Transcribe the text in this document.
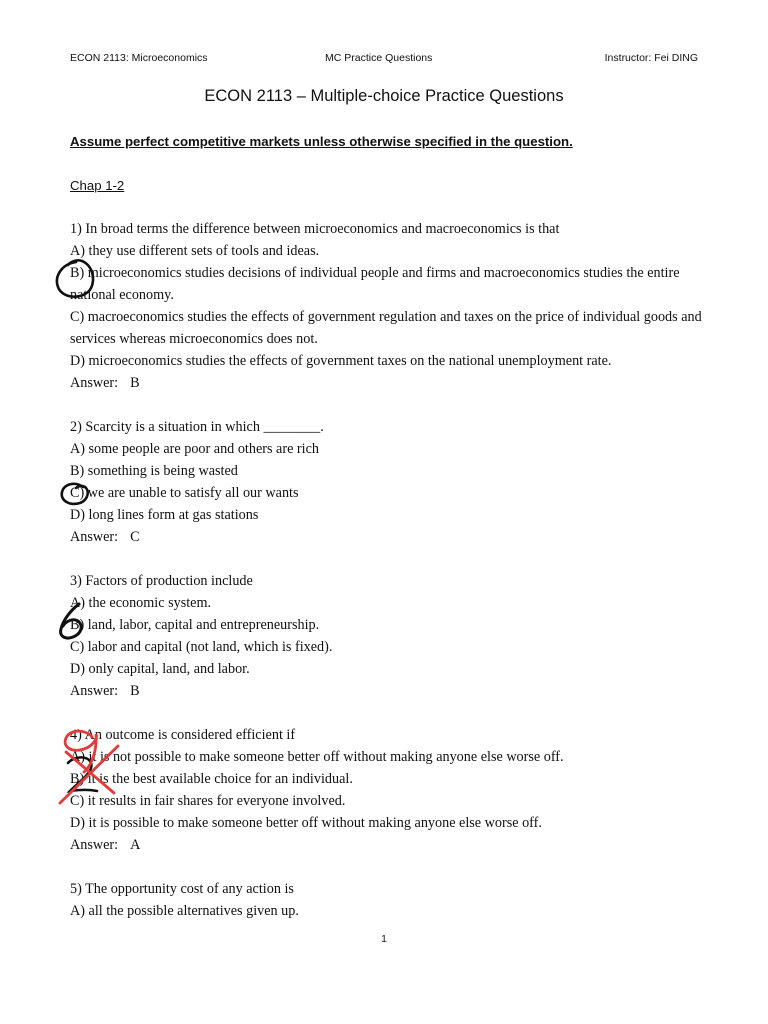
ECON 2113: Microeconomics	MC Practice Questions	Instructor: Fei DING
ECON 2113 – Multiple-choice Practice Questions
Assume perfect competitive markets unless otherwise specified in the question.
Chap 1-2
1) In broad terms the difference between microeconomics and macroeconomics is that
A) they use different sets of tools and ideas.
B) microeconomics studies decisions of individual people and firms and macroeconomics studies the entire national economy.
C) macroeconomics studies the effects of government regulation and taxes on the price of individual goods and services whereas microeconomics does not.
D) microeconomics studies the effects of government taxes on the national unemployment rate.
Answer: B
2) Scarcity is a situation in which ________.
A) some people are poor and others are rich
B) something is being wasted
C) we are unable to satisfy all our wants
D) long lines form at gas stations
Answer: C
3) Factors of production include
A) the economic system.
B) land, labor, capital and entrepreneurship.
C) labor and capital (not land, which is fixed).
D) only capital, land, and labor.
Answer: B
4) An outcome is considered efficient if
A) it is not possible to make someone better off without making anyone else worse off.
B) it is the best available choice for an individual.
C) it results in fair shares for everyone involved.
D) it is possible to make someone better off without making anyone else worse off.
Answer: A
5) The opportunity cost of any action is
A) all the possible alternatives given up.
1
